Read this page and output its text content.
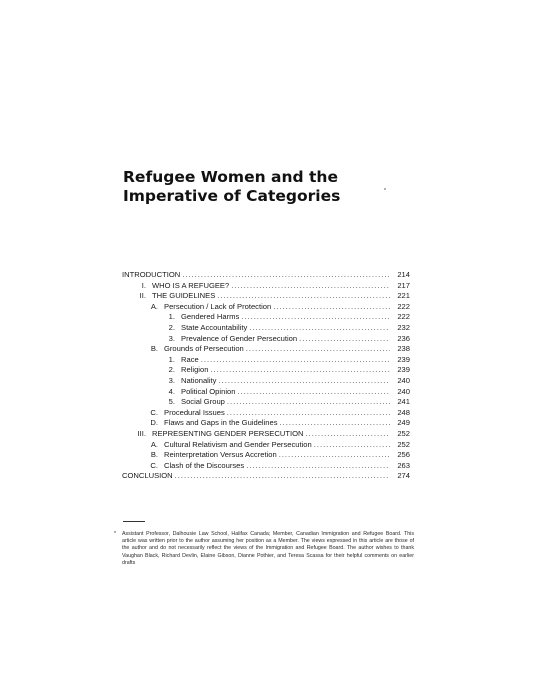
Refugee Women and the
Imperative of Categories
INTRODUCTION .....	214
I. WHO IS A REFUGEE? .....	217
II. THE GUIDELINES .....	221
A. Persecution / Lack of Protection .....	222
1. Gendered Harms .....	222
2. State Accountability .....	232
3. Prevalence of Gender Persecution .....	236
B. Grounds of Persecution .....	238
1. Race .....	239
2. Religion .....	239
3. Nationality .....	240
4. Political Opinion .....	240
5. Social Group .....	241
C. Procedural Issues .....	248
D. Flaws and Gaps in the Guidelines .....	249
III. REPRESENTING GENDER PERSECUTION .....	252
A. Cultural Relativism and Gender Persecution .....	252
B. Reinterpretation Versus Accretion .....	256
C. Clash of the Discourses .....	263
CONCLUSION .....	274
* Assistant Professor, Dalhousie Law School, Halifax Canada; Member, Canadian Immigration and Refugee Board. This article was written prior to the author assuming her position as a Member. The views expressed in this article are those of the author and do not necessarily reflect the views of the Immigration and Refugee Board. The author wishes to thank Vaughan Black, Richard Devlin, Elaine Gibson, Dianne Pothier, and Teresa Scassa for their helpful comments on earlier drafts
